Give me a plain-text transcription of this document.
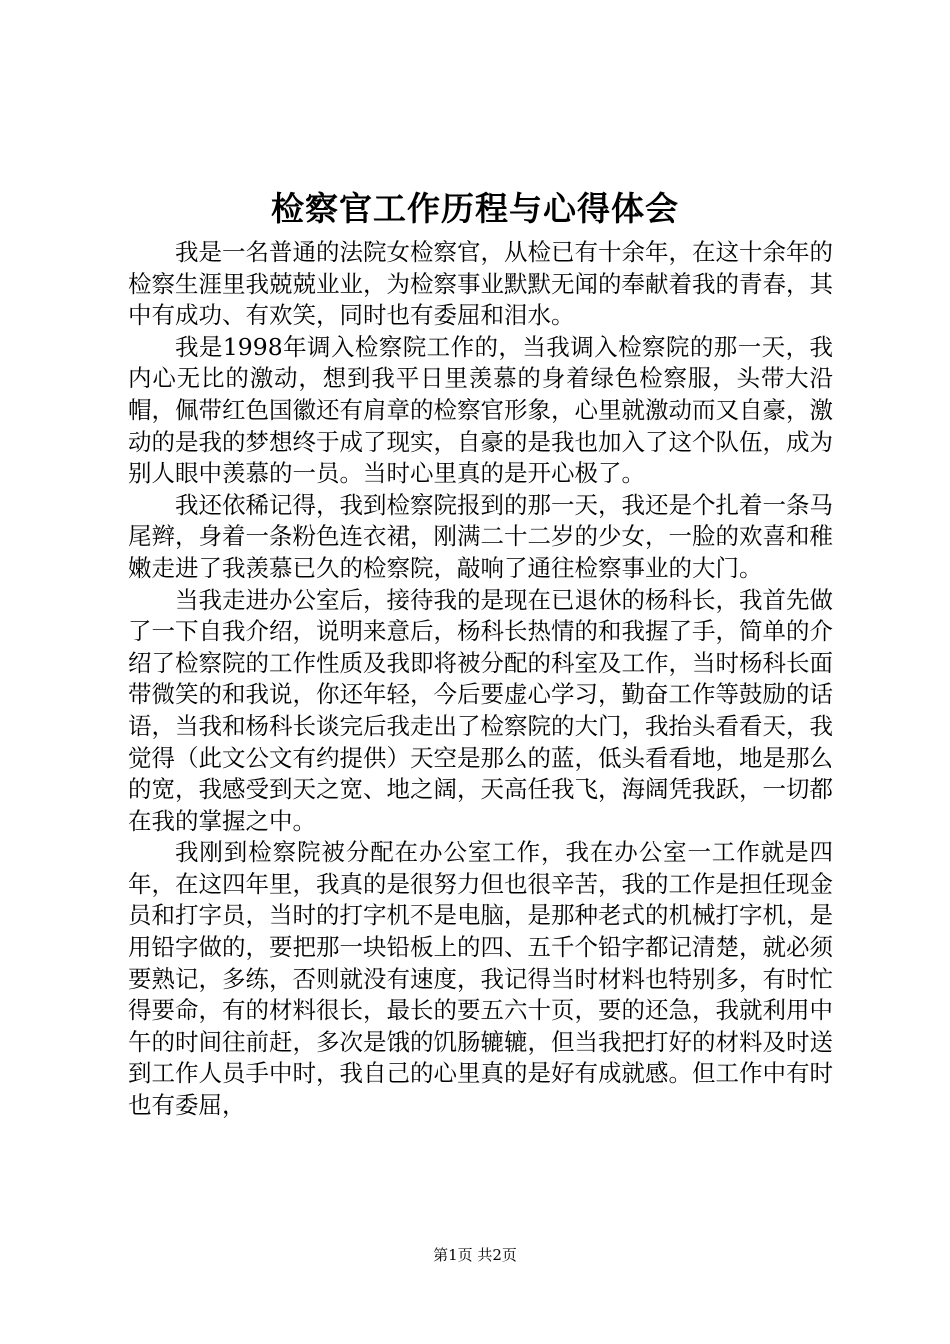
检察官工作历程与心得体会

我是一名普通的法院女检察官，从检已有十余年，在这十余年的检察生涯里我兢兢业业，为检察事业默默无闻的奉献着我的青春，其中有成功、有欢笑，同时也有委屈和泪水。

我是1998年调入检察院工作的，当我调入检察院的那一天，我内心无比的激动，想到我平日里羡慕的身着绿色检察服，头带大沿帽，佩带红色国徽还有肩章的检察官形象，心里就激动而又自豪，激动的是我的梦想终于成了现实，自豪的是我也加入了这个队伍，成为别人眼中羡慕的一员。当时心里真的是开心极了。

我还依稀记得，我到检察院报到的那一天，我还是个扎着一条马尾辫，身着一条粉色连衣裙，刚满二十二岁的少女，一脸的欢喜和稚嫩走进了我羡慕已久的检察院，敲响了通往检察事业的大门。

当我走进办公室后，接待我的是现在已退休的杨科长，我首先做了一下自我介绍，说明来意后，杨科长热情的和我握了手，简单的介绍了检察院的工作性质及我即将被分配的科室及工作，当时杨科长面带微笑的和我说，你还年轻，今后要虚心学习，勤奋工作等鼓励的话语，当我和杨科长谈完后我走出了检察院的大门，我抬头看看天，我觉得（此文公文有约提供）天空是那么的蓝，低头看看地，地是那么的宽，我感受到天之宽、地之阔，天高任我飞，海阔凭我跃，一切都在我的掌握之中。

我刚到检察院被分配在办公室工作，我在办公室一工作就是四年，在这四年里，我真的是很努力但也很辛苦，我的工作是担任现金员和打字员，当时的打字机不是电脑，是那种老式的机械打字机，是用铅字做的，要把那一块铅板上的四、五千个铅字都记清楚，就必须要熟记，多练，否则就没有速度，我记得当时材料也特别多，有时忙得要命，有的材料很长，最长的要五六十页，要的还急，我就利用中午的时间往前赶，多次是饿的饥肠辘辘，但当我把打好的材料及时送到工作人员手中时，我自己的心里真的是好有成就感。但工作中有时也有委屈，

第1页 共2页
